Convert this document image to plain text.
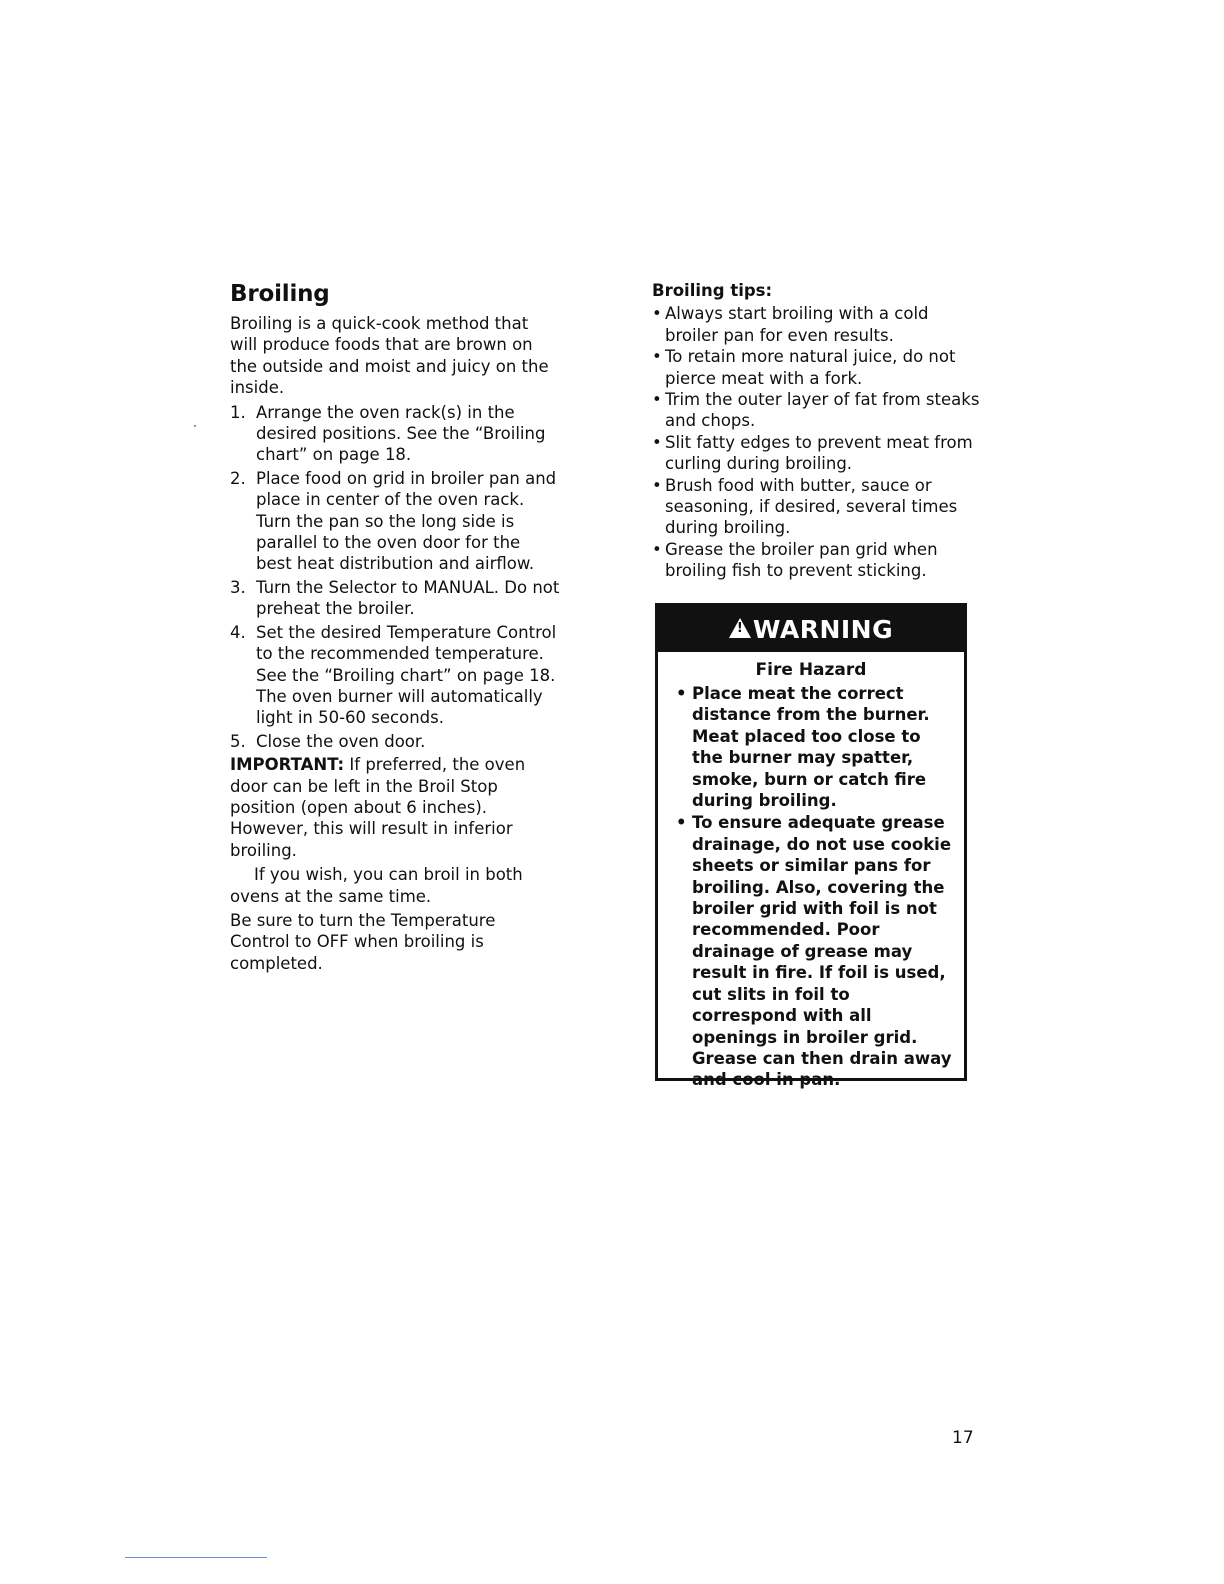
Broiling
Broiling is a quick-cook method that will produce foods that are brown on the outside and moist and juicy on the inside.
1. Arrange the oven rack(s) in the desired positions. See the “Broiling chart” on page 18.
2. Place food on grid in broiler pan and place in center of the oven rack. Turn the pan so the long side is parallel to the oven door for the best heat distribution and airflow.
3. Turn the Selector to MANUAL. Do not preheat the broiler.
4. Set the desired Temperature Control to the recommended temperature. See the “Broiling chart” on page 18. The oven burner will automatically light in 50-60 seconds.
5. Close the oven door.
IMPORTANT: If preferred, the oven door can be left in the Broil Stop position (open about 6 inches). However, this will result in inferior broiling.
If you wish, you can broil in both ovens at the same time.
Be sure to turn the Temperature Control to OFF when broiling is completed.
Broiling tips:
• Always start broiling with a cold broiler pan for even results.
• To retain more natural juice, do not pierce meat with a fork.
• Trim the outer layer of fat from steaks and chops.
• Slit fatty edges to prevent meat from curling during broiling.
• Brush food with butter, sauce or seasoning, if desired, several times during broiling.
• Grease the broiler pan grid when broiling fish to prevent sticking.
! WARNING
Fire Hazard
• Place meat the correct distance from the burner. Meat placed too close to the burner may spatter, smoke, burn or catch fire during broiling.
• To ensure adequate grease drainage, do not use cookie sheets or similar pans for broiling. Also, covering the broiler grid with foil is not recommended. Poor drainage of grease may result in fire. If foil is used, cut slits in foil to correspond with all openings in broiler grid. Grease can then drain away and cool in pan.
17
